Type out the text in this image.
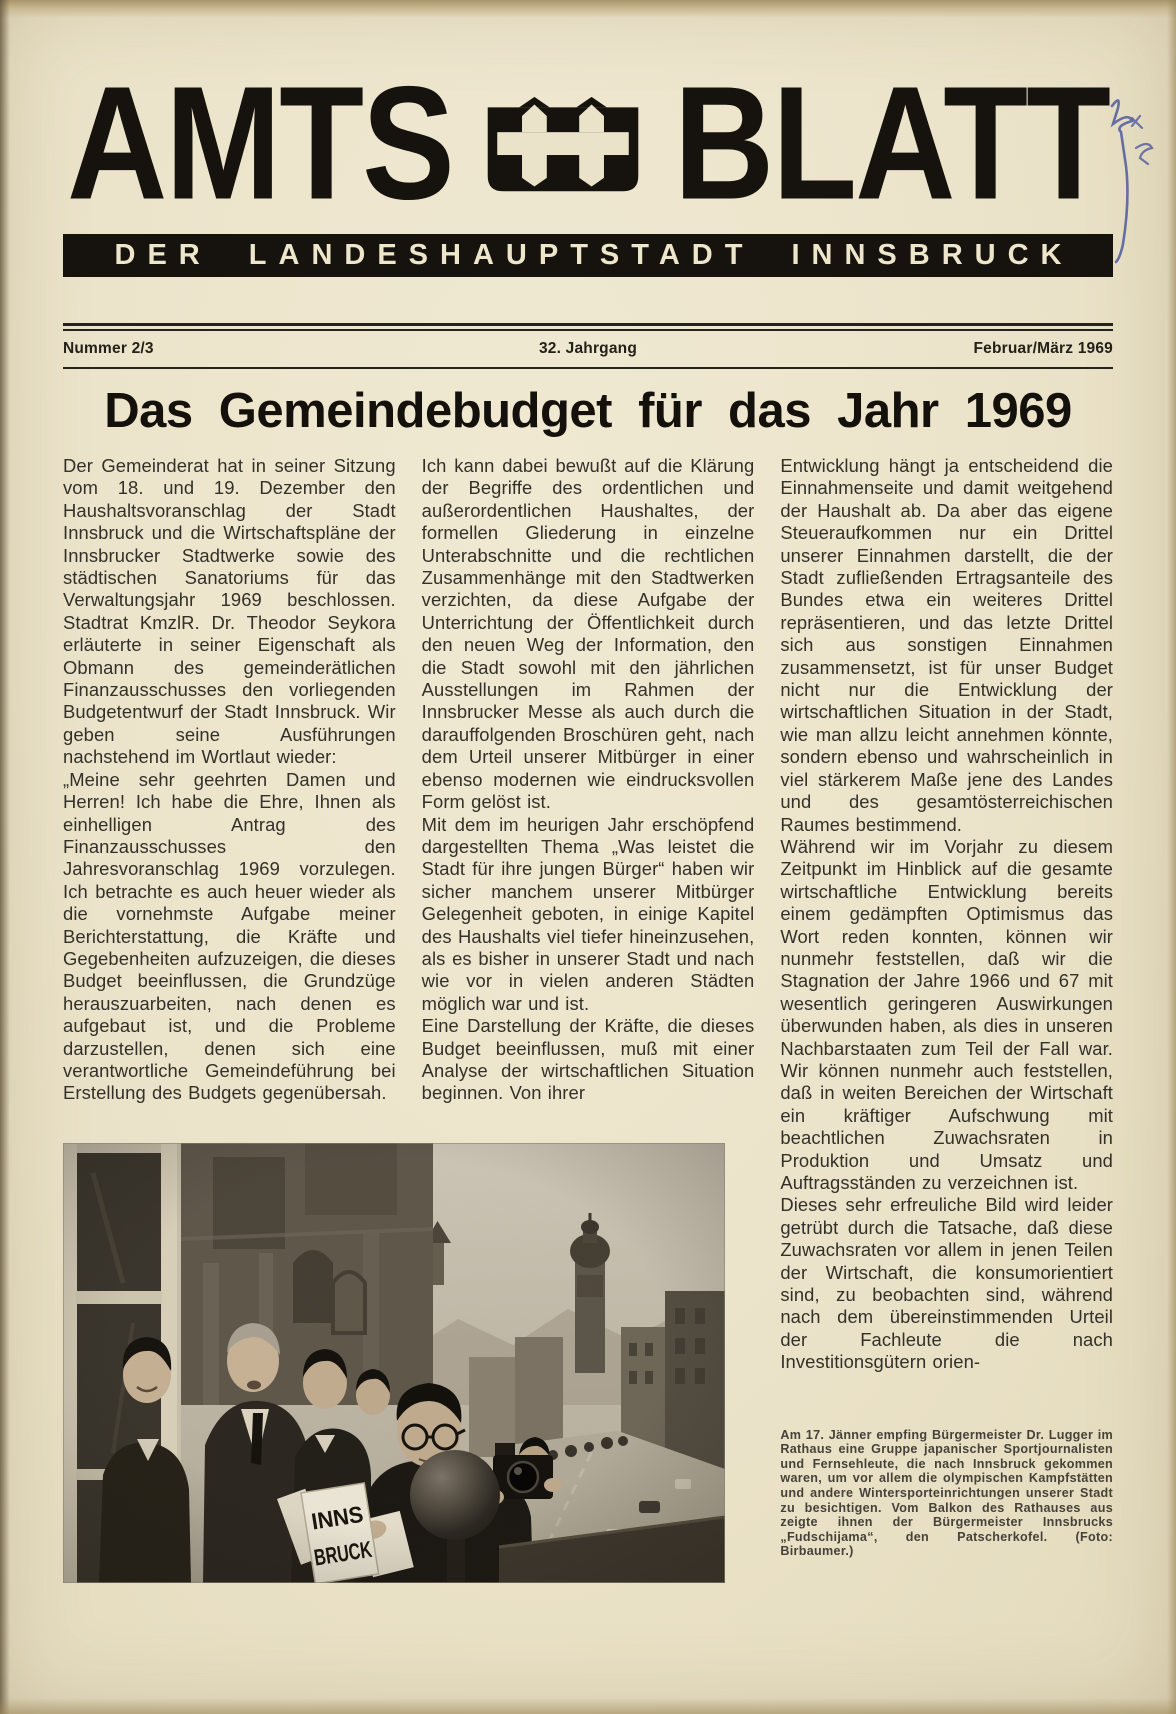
AMTS BLATT
DER LANDESHAUPTSTADT INNSBRUCK
Nummer 2/3	32. Jahrgang	Februar/März 1969
Das Gemeindebudget für das Jahr 1969

Der Gemeinderat hat in seiner Sitzung vom 18. und 19. Dezember den Haushaltsvoranschlag der Stadt Innsbruck und die Wirtschaftspläne der Innsbrucker Stadtwerke sowie des städtischen Sanatoriums für das Verwaltungsjahr 1969 beschlossen. Stadtrat KmzlR. Dr. Theodor Seykora erläuterte in seiner Eigenschaft als Obmann des gemeinderätlichen Finanzausschusses den vorliegenden Budgetentwurf der Stadt Innsbruck. Wir geben seine Ausführungen nachstehend im Wortlaut wieder:

„Meine sehr geehrten Damen und Herren! Ich habe die Ehre, Ihnen als einhelligen Antrag des Finanzausschusses den Jahresvoranschlag 1969 vorzulegen. Ich betrachte es auch heuer wieder als die vornehmste Aufgabe meiner Berichterstattung, die Kräfte und Gegebenheiten aufzuzeigen, die dieses Budget beeinflussen, die Grundzüge herauszuarbeiten, nach denen es aufgebaut ist, und die Probleme darzustellen, denen sich eine verantwortliche Gemeindeführung bei Erstellung des Budgets gegenübersah.

Ich kann dabei bewußt auf die Klärung der Begriffe des ordentlichen und außerordentlichen Haushaltes, der formellen Gliederung in einzelne Unterabschnitte und die rechtlichen Zusammenhänge mit den Stadtwerken verzichten, da diese Aufgabe der Unterrichtung der Öffentlichkeit durch den neuen Weg der Information, den die Stadt sowohl mit den jährlichen Ausstellungen im Rahmen der Innsbrucker Messe als auch durch die darauffolgenden Broschüren geht, nach dem Urteil unserer Mitbürger in einer ebenso modernen wie eindrucksvollen Form gelöst ist.

Mit dem im heurigen Jahr erschöpfend dargestellten Thema „Was leistet die Stadt für ihre jungen Bürger“ haben wir sicher manchem unserer Mitbürger Gelegenheit geboten, in einige Kapitel des Haushalts viel tiefer hineinzusehen, als es bisher in unserer Stadt und nach wie vor in vielen anderen Städten möglich war und ist.

Eine Darstellung der Kräfte, die dieses Budget beeinflussen, muß mit einer Analyse der wirtschaftlichen Situation beginnen. Von ihrer

Entwicklung hängt ja entscheidend die Einnahmenseite und damit weitgehend der Haushalt ab. Da aber das eigene Steueraufkommen nur ein Drittel unserer Einnahmen darstellt, die der Stadt zufließenden Ertragsanteile des Bundes etwa ein weiteres Drittel repräsentieren, und das letzte Drittel sich aus sonstigen Einnahmen zusammensetzt, ist für unser Budget nicht nur die Entwicklung der wirtschaftlichen Situation in der Stadt, wie man allzu leicht annehmen könnte, sondern ebenso und wahrscheinlich in viel stärkerem Maße jene des Landes und des gesamtösterreichischen Raumes bestimmend.

Während wir im Vorjahr zu diesem Zeitpunkt im Hinblick auf die gesamte wirtschaftliche Entwicklung bereits einem gedämpften Optimismus das Wort reden konnten, können wir nunmehr feststellen, daß wir die Stagnation der Jahre 1966 und 67 mit wesentlich geringeren Auswirkungen überwunden haben, als dies in unseren Nachbarstaaten zum Teil der Fall war. Wir können nunmehr auch feststellen, daß in weiten Bereichen der Wirtschaft ein kräftiger Aufschwung mit beachtlichen Zuwachsraten in Produktion und Umsatz und Auftragsständen zu verzeichnen ist.

Dieses sehr erfreuliche Bild wird leider getrübt durch die Tatsache, daß diese Zuwachsraten vor allem in jenen Teilen der Wirtschaft, die konsumorientiert sind, zu beobachten sind, während nach dem übereinstimmenden Urteil der Fachleute die nach Investitionsgütern orien-

Am 17. Jänner empfing Bürgermeister Dr. Lugger im Rathaus eine Gruppe japanischer Sportjournalisten und Fernsehleute, die nach Innsbruck gekommen waren, um vor allem die olympischen Kampfstätten und andere Wintersporteinrichtungen unserer Stadt zu besichtigen. Vom Balkon des Rathauses aus zeigte ihnen der Bürgermeister Innsbrucks „Fudschijama“, den Patscherkofel. (Foto: Birbaumer.)
